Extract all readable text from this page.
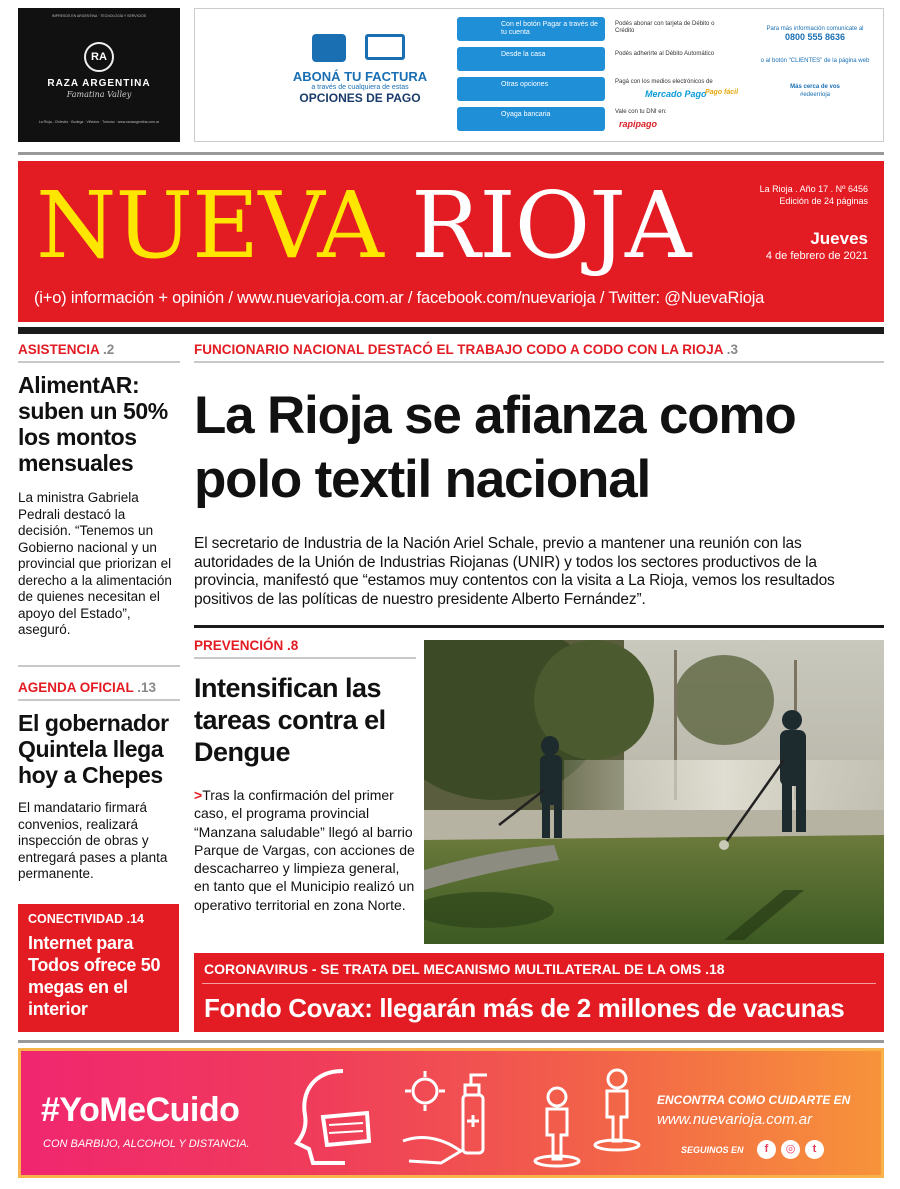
IMPRESOS EN ARGENTINA · TECNOLOGÍA Y SERVICIOS
RA
RAZA ARGENTINA
Famatina Valley
La Rioja - Chilecito · Bodega · Viñedos · Turismo · www.razaargentina.com.ar
ABONÁ TU FACTURA
a través de cualquiera de estas
OPCIONES DE PAGO
Con el botón Pagar a través de tu cuenta
Desde la casa
Otras opciones
Oyaga bancaria
Podés abonar con tarjeta de Débito o Crédito
Podés adherirte al Débito Automático
Pagá con los medios electrónicos de
Mercado Pago
Pago fácil
Vale con tu DNI en:
rapipago
Para más información comunicate al
0800 555 8636
o al botón "CLIENTES" de la página web
Más cerca de vos
#edeerrioja
NUEVA RIOJA	La Rioja . Año 17 . Nº 6456
Edición de 24 páginas
Jueves
4 de febrero de 2021
(i+o) información + opinión / www.nuevarioja.com.ar / facebook.com/nuevarioja / Twitter: @NuevaRioja
ASISTENCIA .2
AlimentAR: suben un 50% los montos mensuales
La ministra Gabriela Pedrali destacó la decisión. “Tenemos un Gobierno nacional y un provincial que priorizan el derecho a la alimentación de quienes necesitan el apoyo del Estado”, aseguró.
AGENDA OFICIAL .13
El gobernador Quintela llega hoy a Chepes
El mandatario firmará convenios, realizará inspección de obras y entregará pases a planta permanente.
CONECTIVIDAD .14
Internet para Todos ofrece 50 megas en el interior
FUNCIONARIO NACIONAL DESTACÓ EL TRABAJO CODO A CODO CON LA RIOJA .3
La Rioja se afianza como polo textil nacional
El secretario de Industria de la Nación Ariel Schale, previo a mantener una reunión con las autoridades de la Unión de Industrias Riojanas (UNIR) y todos los sectores productivos de la provincia, manifestó que “estamos muy contentos con la visita a La Rioja, vemos los resultados positivos de las políticas de nuestro presidente Alberto Fernández”.
PREVENCIÓN .8
Intensifican las tareas contra el Dengue
>Tras la confirmación del primer caso, el programa provincial “Manzana saludable” llegó al barrio Parque de Vargas, con acciones de descacharreo y limpieza general, en tanto que el Municipio realizó un operativo territorial en zona Norte.
CORONAVIRUS - SE TRATA DEL MECANISMO MULTILATERAL DE LA OMS .18
Fondo Covax: llegarán más de 2 millones de vacunas
#YoMeCuido
CON BARBIJO, ALCOHOL Y DISTANCIA.
ENCONTRA COMO CUIDARTE EN
www.nuevarioja.com.ar
SEGUINOS EN	f	◎	t
